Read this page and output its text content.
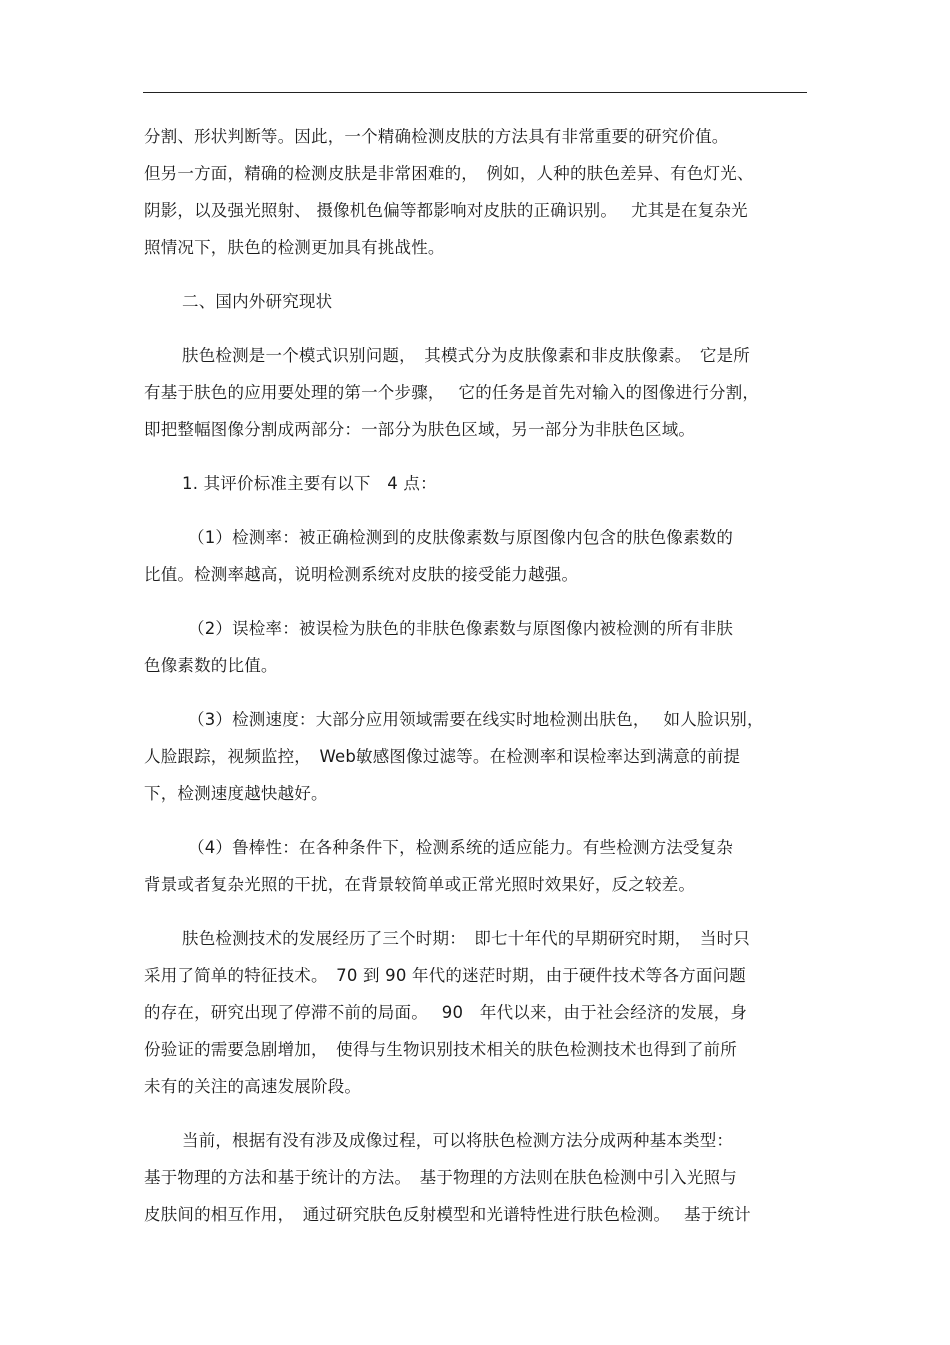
分割、形状判断等。因此，一个精确检测皮肤的方法具有非常重要的研究价值。
但另一方面，精确的检测皮肤是非常困难的，　例如，人种的肤色差异、有色灯光、
阴影，以及强光照射、 摄像机色偏等都影响对皮肤的正确识别。　 尤其是在复杂光
照情况下，肤色的检测更加具有挑战性。
二、国内外研究现状
肤色检测是一个模式识别问题，　其模式分为皮肤像素和非皮肤像素。　它是所
有基于肤色的应用要处理的第一个步骤，　 它的任务是首先对输入的图像进行分割，
即把整幅图像分割成两部分：一部分为肤色区域，另一部分为非肤色区域。
1. 其评价标准主要有以下　4 点：
（1）检测率：被正确检测到的皮肤像素数与原图像内包含的肤色像素数的
比值。检测率越高，说明检测系统对皮肤的接受能力越强。
（2）误检率：被误检为肤色的非肤色像素数与原图像内被检测的所有非肤
色像素数的比值。
（3）检测速度：大部分应用领域需要在线实时地检测出肤色，　 如人脸识别，
人脸跟踪，视频监控，　Web敏感图像过滤等。在检测率和误检率达到满意的前提
下，检测速度越快越好。
（4）鲁棒性：在各种条件下，检测系统的适应能力。有些检测方法受复杂
背景或者复杂光照的干扰，在背景较简单或正常光照时效果好，反之较差。
肤色检测技术的发展经历了三个时期：　即七十年代的早期研究时期，　当时只
采用了简单的特征技术。　70 到 90 年代的迷茫时期，由于硬件技术等各方面问题
的存在，研究出现了停滞不前的局面。　 90　年代以来，由于社会经济的发展，身
份验证的需要急剧增加，　使得与生物识别技术相关的肤色检测技术也得到了前所
未有的关注的高速发展阶段。
当前，根据有没有涉及成像过程，可以将肤色检测方法分成两种基本类型：
基于物理的方法和基于统计的方法。　基于物理的方法则在肤色检测中引入光照与
皮肤间的相互作用，　通过研究肤色反射模型和光谱特性进行肤色检测。　 基于统计
